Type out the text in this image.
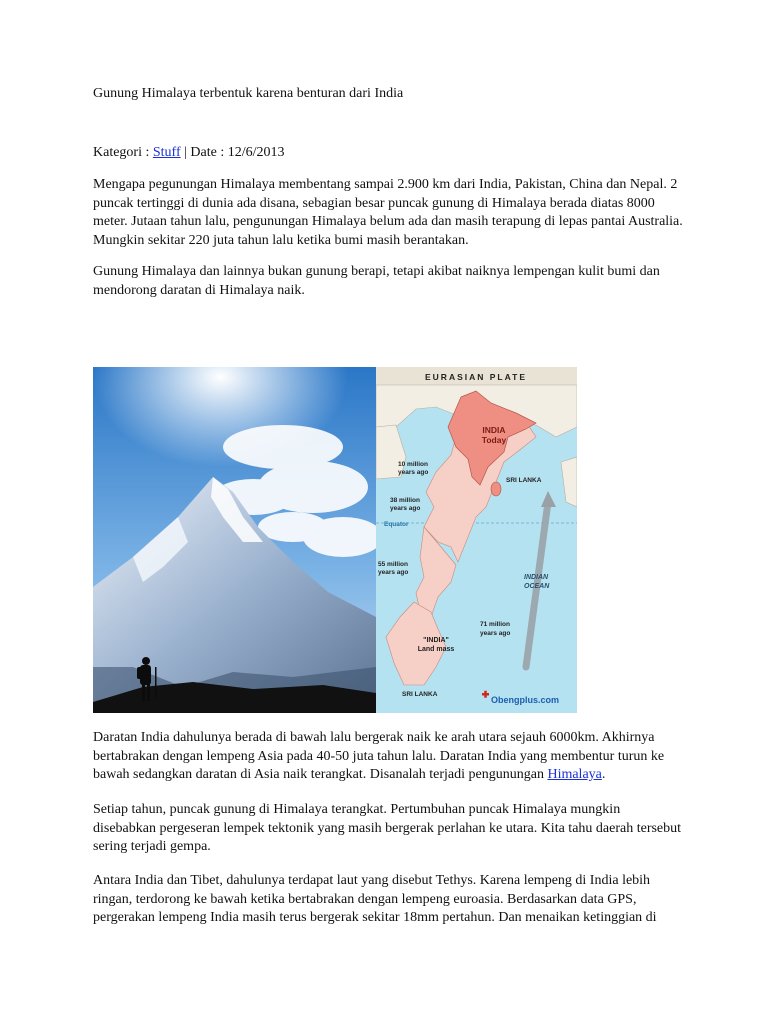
Gunung Himalaya terbentuk karena benturan dari India
Kategori : Stuff | Date : 12/6/2013

Mengapa pegunungan Himalaya membentang sampai 2.900 km dari India, Pakistan, China dan Nepal. 2 puncak tertinggi di dunia ada disana, sebagian besar puncak gunung di Himalaya berada diatas 8000 meter. Jutaan tahun lalu, pengunungan Himalaya belum ada dan masih terapung di lepas pantai Australia. Mungkin sekitar 220 juta tahun lalu ketika bumi masih berantakan.

Gunung Himalaya dan lainnya bukan gunung berapi, tetapi akibat naiknya lempengan kulit bumi dan mendorong daratan di Himalaya naik.

EURASIAN PLATE
INDIA
Today
10 million
years ago
SRI LANKA
38 million
years ago
Equator
55 million
years ago
INDIAN
OCEAN
71 million
years ago
"INDIA"
Land mass
SRI LANKA
Obengplus.com

Daratan India dahulunya berada di bawah lalu bergerak naik ke arah utara sejauh 6000km. Akhirnya bertabrakan dengan lempeng Asia pada 40-50 juta tahun lalu. Daratan India yang membentur turun ke bawah sedangkan daratan di Asia naik terangkat. Disanalah terjadi pengunungan Himalaya.

Setiap tahun, puncak gunung di Himalaya terangkat. Pertumbuhan puncak Himalaya mungkin disebabkan pergeseran lempek tektonik yang masih bergerak perlahan ke utara. Kita tahu daerah tersebut sering terjadi gempa.

Antara India dan Tibet, dahulunya terdapat laut yang disebut Tethys. Karena lempeng di India lebih ringan, terdorong ke bawah ketika bertabrakan dengan lempeng euroasia. Berdasarkan data GPS, pergerakan lempeng India masih terus bergerak sekitar 18mm pertahun. Dan menaikan ketinggian di
